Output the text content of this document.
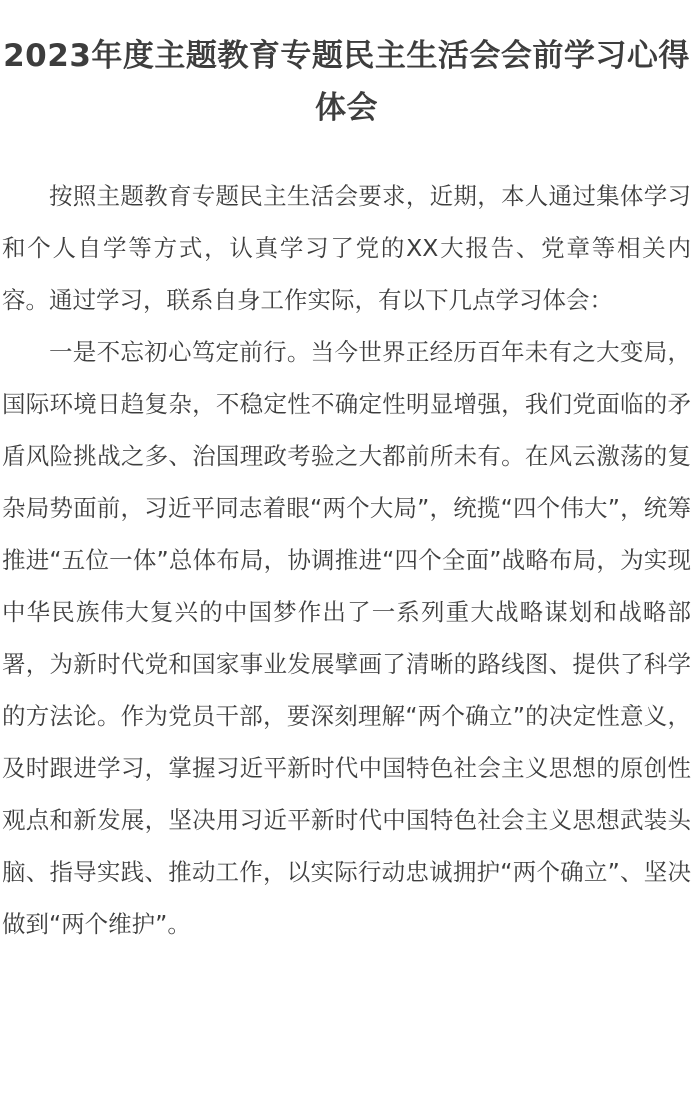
2023年度主题教育专题民主生活会会前学习心得体会

按照主题教育专题民主生活会要求，近期，本人通过集体学习和个人自学等方式，认真学习了党的XX大报告、党章等相关内容。通过学习，联系自身工作实际，有以下几点学习体会：

一是不忘初心笃定前行。当今世界正经历百年未有之大变局，国际环境日趋复杂，不稳定性不确定性明显增强，我们党面临的矛盾风险挑战之多、治国理政考验之大都前所未有。在风云激荡的复杂局势面前，习近平同志着眼“两个大局”，统揽“四个伟大”，统筹推进“五位一体”总体布局，协调推进“四个全面”战略布局，为实现中华民族伟大复兴的中国梦作出了一系列重大战略谋划和战略部署，为新时代党和国家事业发展擘画了清晰的路线图、提供了科学的方法论。作为党员干部，要深刻理解“两个确立”的决定性意义，及时跟进学习，掌握习近平新时代中国特色社会主义思想的原创性观点和新发展，坚决用习近平新时代中国特色社会主义思想武装头脑、指导实践、推动工作，以实际行动忠诚拥护“两个确立”、坚决做到“两个维护”。
